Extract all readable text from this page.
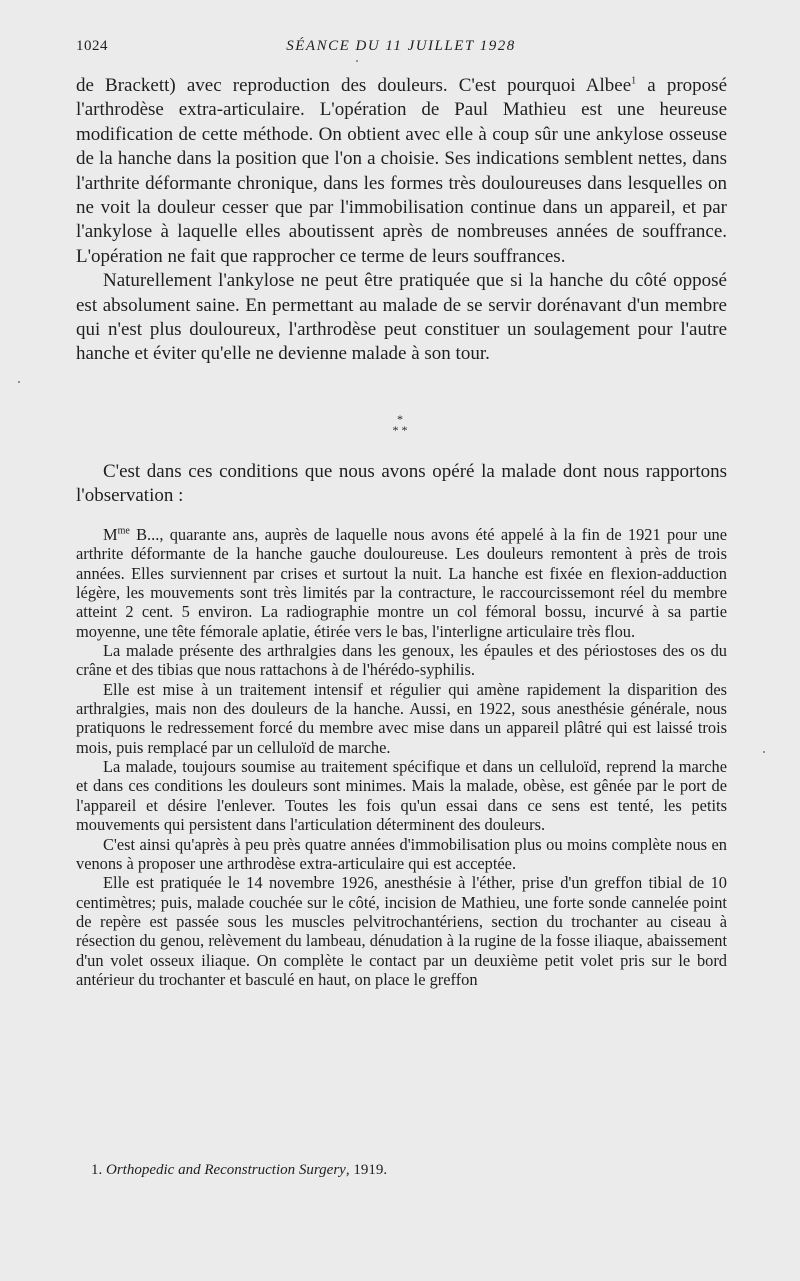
1024	SÉANCE DU 11 JUILLET 1928

de Brackett) avec reproduction des douleurs. C'est pourquoi Albee$^1$ a proposé l'arthrodèse extra-articulaire. L'opération de Paul Mathieu est une heureuse modification de cette méthode. On obtient avec elle à coup sûr une ankylose osseuse de la hanche dans la position que l'on a choisie. Ses indications semblent nettes, dans l'arthrite déformante chronique, dans les formes très douloureuses dans lesquelles on ne voit la douleur cesser que par l'immobilisation continue dans un appareil, et par l'ankylose à laquelle elles aboutissent après de nombreuses années de souffrance. L'opération ne fait que rapprocher ce terme de leurs souffrances.

Naturellement l'ankylose ne peut être pratiquée que si la hanche du côté opposé est absolument saine. En permettant au malade de se servir dorénavant d'un membre qui n'est plus douloureux, l'arthrodèse peut constituer un soulagement pour l'autre hanche et éviter qu'elle ne devienne malade à son tour.

*
* *

C'est dans ces conditions que nous avons opéré la malade dont nous rapportons l'observation :

$M^{me}$ B..., quarante ans, auprès de laquelle nous avons été appelé à la fin de 1921 pour une arthrite déformante de la hanche gauche douloureuse. Les douleurs remontent à près de trois années. Elles surviennent par crises et surtout la nuit. La hanche est fixée en flexion-adduction légère, les mouvements sont très limités par la contracture, le raccourcissemont réel du membre atteint 2 cent. 5 environ. La radiographie montre un col fémoral bossu, incurvé à sa partie moyenne, une tête fémorale aplatie, étirée vers le bas, l'interligne articulaire très flou.

La malade présente des arthralgies dans les genoux, les épaules et des périostoses des os du crâne et des tibias que nous rattachons à de l'hérédo-syphilis.

Elle est mise à un traitement intensif et régulier qui amène rapidement la disparition des arthralgies, mais non des douleurs de la hanche. Aussi, en 1922, sous anesthésie générale, nous pratiquons le redressement forcé du membre avec mise dans un appareil plâtré qui est laissé trois mois, puis remplacé par un celluloïd de marche.

La malade, toujours soumise au traitement spécifique et dans un celluloïd, reprend la marche et dans ces conditions les douleurs sont minimes. Mais la malade, obèse, est gênée par le port de l'appareil et désire l'enlever. Toutes les fois qu'un essai dans ce sens est tenté, les petits mouvements qui persistent dans l'articulation déterminent des douleurs.

C'est ainsi qu'après à peu près quatre années d'immobilisation plus ou moins complète nous en venons à proposer une arthrodèse extra-articulaire qui est acceptée.

Elle est pratiquée le 14 novembre 1926, anesthésie à l'éther, prise d'un greffon tibial de 10 centimètres; puis, malade couchée sur le côté, incision de Mathieu, une forte sonde cannelée point de repère est passée sous les muscles pelvitrochantériens, section du trochanter au ciseau à résection du genou, relèvement du lambeau, dénudation à la rugine de la fosse iliaque, abaissement d'un volet osseux iliaque. On complète le contact par un deuxième petit volet pris sur le bord antérieur du trochanter et basculé en haut, on place le greffon

1. Orthopedic and Reconstruction Surgery, 1919.
